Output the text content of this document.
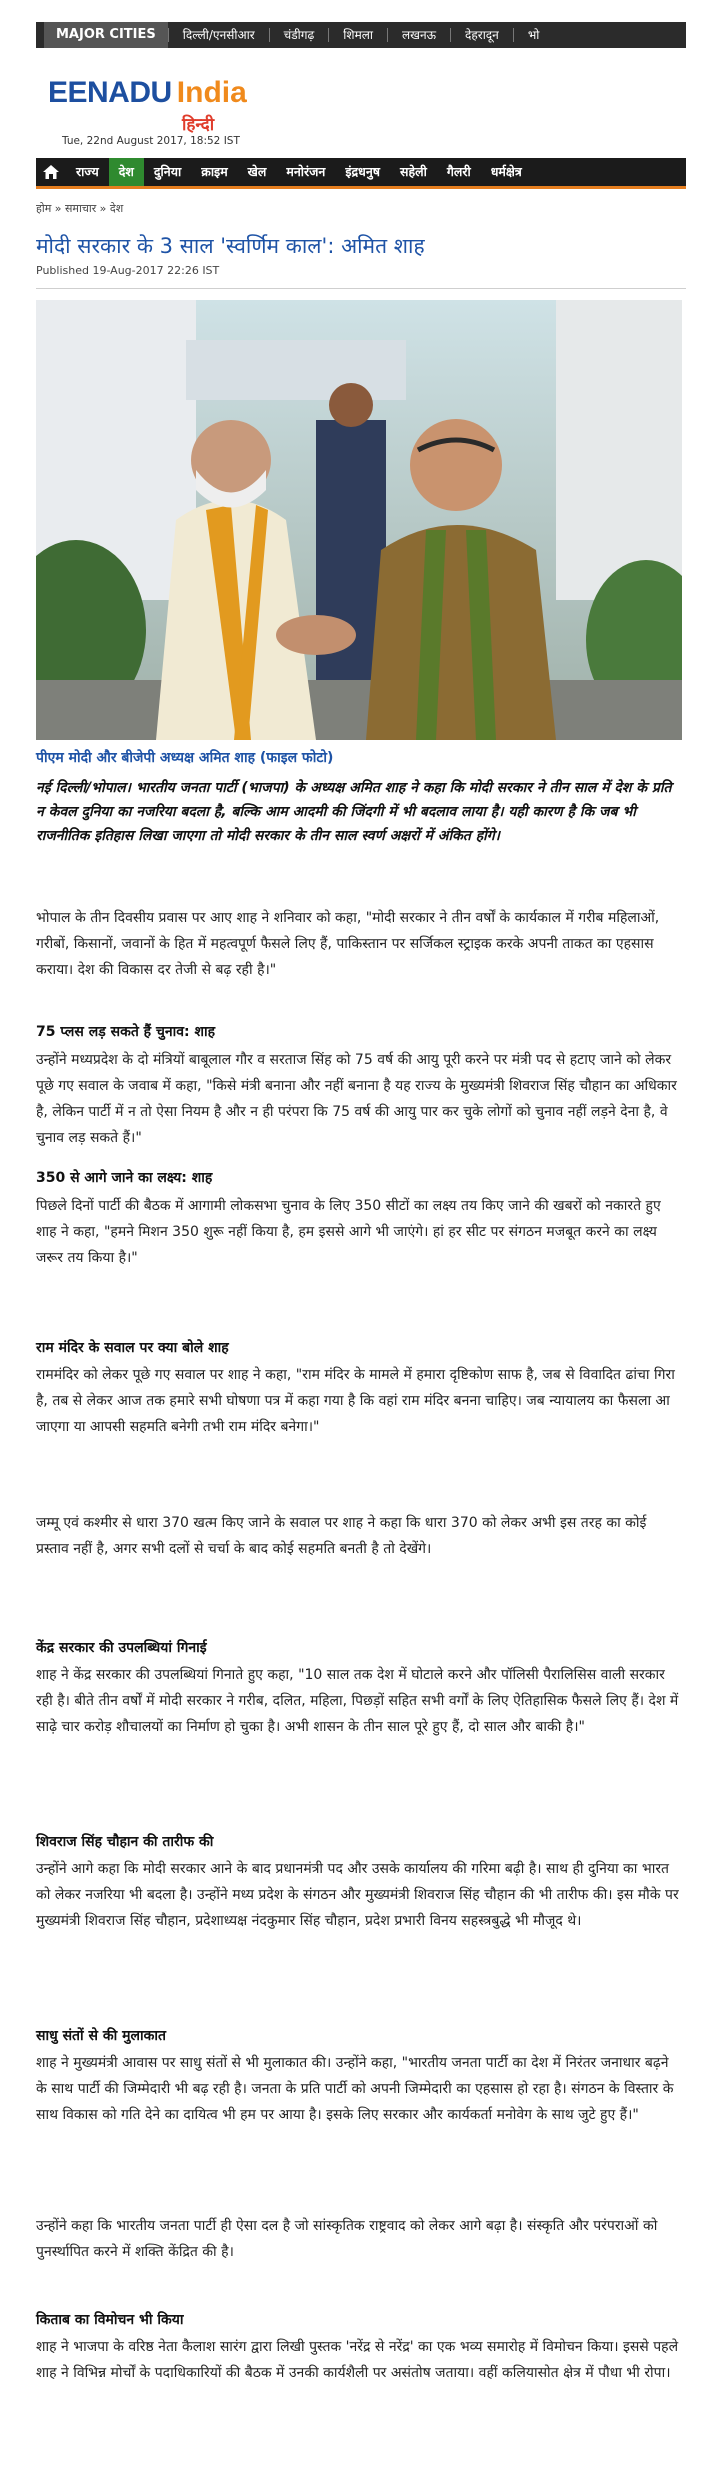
MAJOR CITIES	दिल्ली/एनसीआर	चंडीगढ़	शिमला	लखनऊ	देहरादून	भो
EENADU India
हिन्दी
Tue, 22nd August 2017, 18:52 IST
राज्य	देश	दुनिया	क्राइम	खेल	मनोरंजन	इंद्रधनुष	सहेली	गैलरी	धर्मक्षेत्र
होम » समाचार » देश
मोदी सरकार के 3 साल 'स्वर्णिम काल': अमित शाह
Published 19-Aug-2017 22:26 IST
पीएम मोदी और बीजेपी अध्यक्ष अमित शाह (फाइल फोटो)
नई दिल्ली/भोपाल। भारतीय जनता पार्टी (भाजपा) के अध्यक्ष अमित शाह ने कहा कि मोदी सरकार ने तीन साल में देश के प्रति न केवल दुनिया का नजरिया बदला है, बल्कि आम आदमी की जिंदगी में भी बदलाव लाया है। यही कारण है कि जब भी राजनीतिक इतिहास लिखा जाएगा तो मोदी सरकार के तीन साल स्वर्ण अक्षरों में अंकित होंगे।
भोपाल के तीन दिवसीय प्रवास पर आए शाह ने शनिवार को कहा, "मोदी सरकार ने तीन वर्षों के कार्यकाल में गरीब महिलाओं, गरीबों, किसानों, जवानों के हित में महत्वपूर्ण फैसले लिए हैं, पाकिस्तान पर सर्जिकल स्ट्राइक करके अपनी ताकत का एहसास कराया। देश की विकास दर तेजी से बढ़ रही है।"
75 प्लस लड़ सकते हैं चुनाव: शाह
उन्होंने मध्यप्रदेश के दो मंत्रियों बाबूलाल गौर व सरताज सिंह को 75 वर्ष की आयु पूरी करने पर मंत्री पद से हटाए जाने को लेकर पूछे गए सवाल के जवाब में कहा, "किसे मंत्री बनाना और नहीं बनाना है यह राज्य के मुख्यमंत्री शिवराज सिंह चौहान का अधिकार है, लेकिन पार्टी में न तो ऐसा नियम है और न ही परंपरा कि 75 वर्ष की आयु पार कर चुके लोगों को चुनाव नहीं लड़ने देना है, वे चुनाव लड़ सकते हैं।"
350 से आगे जाने का लक्ष्य: शाह
पिछले दिनों पार्टी की बैठक में आगामी लोकसभा चुनाव के लिए 350 सीटों का लक्ष्य तय किए जाने की खबरों को नकारते हुए शाह ने कहा, "हमने मिशन 350 शुरू नहीं किया है, हम इससे आगे भी जाएंगे। हां हर सीट पर संगठन मजबूत करने का लक्ष्य जरूर तय किया है।"
राम मंदिर के सवाल पर क्या बोले शाह
राममंदिर को लेकर पूछे गए सवाल पर शाह ने कहा, "राम मंदिर के मामले में हमारा दृष्टिकोण साफ है, जब से विवादित ढांचा गिरा है, तब से लेकर आज तक हमारे सभी घोषणा पत्र में कहा गया है कि वहां राम मंदिर बनना चाहिए। जब न्यायालय का फैसला आ जाएगा या आपसी सहमति बनेगी तभी राम मंदिर बनेगा।"
जम्मू एवं कश्मीर से धारा 370 खत्म किए जाने के सवाल पर शाह ने कहा कि धारा 370 को लेकर अभी इस तरह का कोई प्रस्ताव नहीं है, अगर सभी दलों से चर्चा के बाद कोई सहमति बनती है तो देखेंगे।
केंद्र सरकार की उपलब्धियां गिनाई
शाह ने केंद्र सरकार की उपलब्धियां गिनाते हुए कहा, "10 साल तक देश में घोटाले करने और पॉलिसी पैरालिसिस वाली सरकार रही है। बीते तीन वर्षों में मोदी सरकार ने गरीब, दलित, महिला, पिछड़ों सहित सभी वर्गों के लिए ऐतिहासिक फैसले लिए हैं। देश में साढ़े चार करोड़ शौचालयों का निर्माण हो चुका है। अभी शासन के तीन साल पूरे हुए हैं, दो साल और बाकी है।"
शिवराज सिंह चौहान की तारीफ की
उन्होंने आगे कहा कि मोदी सरकार आने के बाद प्रधानमंत्री पद और उसके कार्यालय की गरिमा बढ़ी है। साथ ही दुनिया का भारत को लेकर नजरिया भी बदला है। उन्होंने मध्य प्रदेश के संगठन और मुख्यमंत्री शिवराज सिंह चौहान की भी तारीफ की। इस मौके पर मुख्यमंत्री शिवराज सिंह चौहान, प्रदेशाध्यक्ष नंदकुमार सिंह चौहान, प्रदेश प्रभारी विनय सहस्त्रबुद्धे भी मौजूद थे।
साधु संतों से की मुलाकात
शाह ने मुख्यमंत्री आवास पर साधु संतों से भी मुलाकात की। उन्होंने कहा, "भारतीय जनता पार्टी का देश में निरंतर जनाधार बढ़ने के साथ पार्टी की जिम्मेदारी भी बढ़ रही है। जनता के प्रति पार्टी को अपनी जिम्मेदारी का एहसास हो रहा है। संगठन के विस्तार के साथ विकास को गति देने का दायित्व भी हम पर आया है। इसके लिए सरकार और कार्यकर्ता मनोवेग के साथ जुटे हुए हैं।"
उन्होंने कहा कि भारतीय जनता पार्टी ही ऐसा दल है जो सांस्कृतिक राष्ट्रवाद को लेकर आगे बढ़ा है। संस्कृति और परंपराओं को पुनर्स्थापित करने में शक्ति केंद्रित की है।
किताब का विमोचन भी किया
शाह ने भाजपा के वरिष्ठ नेता कैलाश सारंग द्वारा लिखी पुस्तक 'नरेंद्र से नरेंद्र' का एक भव्य समारोह में विमोचन किया। इससे पहले शाह ने विभिन्न मोर्चों के पदाधिकारियों की बैठक में उनकी कार्यशैली पर असंतोष जताया। वहीं कलियासोत क्षेत्र में पौधा भी रोपा।
